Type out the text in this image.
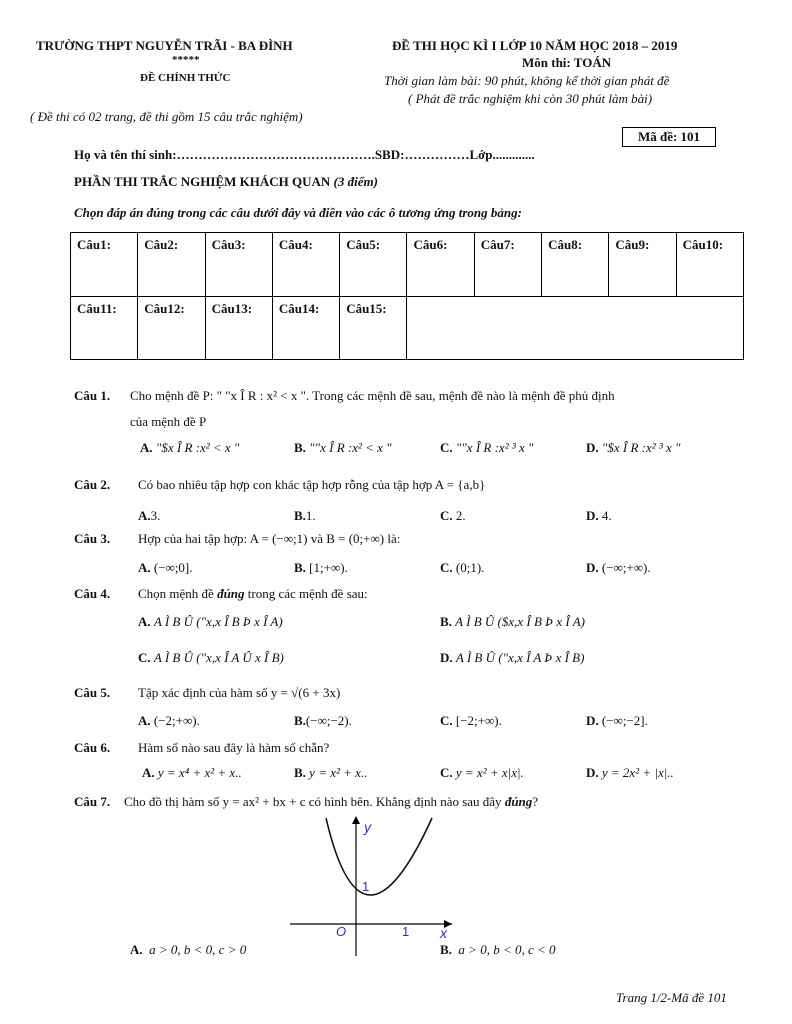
TRƯỜNG THPT NGUYỄN TRÃI - BA ĐÌNH
*****
ĐỀ CHÍNH THỨC
ĐỀ THI HỌC KÌ I LỚP 10 NĂM HỌC 2018 – 2019
Môn thi: TOÁN
Thời gian làm bài: 90 phút, không kể thời gian phát đề
( Phát đề trắc nghiệm khi còn 30 phút làm bài)
( Đề thi có 02 trang, đề thi gồm 15 câu trắc nghiệm)
Mã đề: 101
Họ và tên thí sinh:……………………………………….SBD:……………Lớp.............
PHẦN THI TRẮC NGHIỆM KHÁCH QUAN (3 điểm)
Chọn đáp án đúng trong các câu dưới đây và điền vào các ô tương ứng trong bảng:
Câu1:	Câu2:	Câu3:	Câu4:	Câu5:	Câu6:	Câu7:	Câu8:	Câu9:	Câu10:
Câu11:	Câu12:	Câu13:	Câu14:	Câu15:					
Câu 1. Cho mệnh đề P: " "x Î R : x² < x ". Trong các mệnh đề sau, mệnh đề nào là mệnh đề phủ định
của mệnh đề P
A. "$x Î R :x² < x "	B. ""x Î R :x² < x "	C. ""x Î R :x² ³ x "	D. "$x Î R :x² ³ x "
Câu 2. Có bao nhiêu tập hợp con khác tập hợp rỗng của tập hợp A = {a,b}
A.3.	B.1.	C. 2.	D. 4.
Câu 3. Hợp của hai tập hợp: A = (−∞;1) và B = (0;+∞) là:
A. (−∞;0].	B. [1;+∞).	C. (0;1).	D. (−∞;+∞).
Câu 4. Chọn mệnh đề đúng trong các mệnh đề sau:
A. A Ì B Û ("x,x Î B Þ x Î A)	B. A Ì B Û ($x,x Î B Þ x Î A)
C. A Ì B Û ("x,x Î A Û x Î B)	D. A Ì B Û ("x,x Î A Þ x Î B)
Câu 5. Tập xác định của hàm số y = √(6 + 3x)
A. (−2;+∞).	B.(−∞;−2).	C. [−2;+∞).	D. (−∞;−2].
Câu 6. Hàm số nào sau đây là hàm số chẵn?
A. y = x⁴ + x² + x..	B. y = x² + x..	C. y = x² + x|x|.	D. y = 2x² + |x|..
Câu 7. Cho đồ thị hàm số y = ax² + bx + c có hình bên. Khẳng định nào sau đây đúng?
y
x
O
1
1
A. a > 0, b < 0, c > 0	B. a > 0, b < 0, c < 0
Trang 1/2-Mã đề 101
